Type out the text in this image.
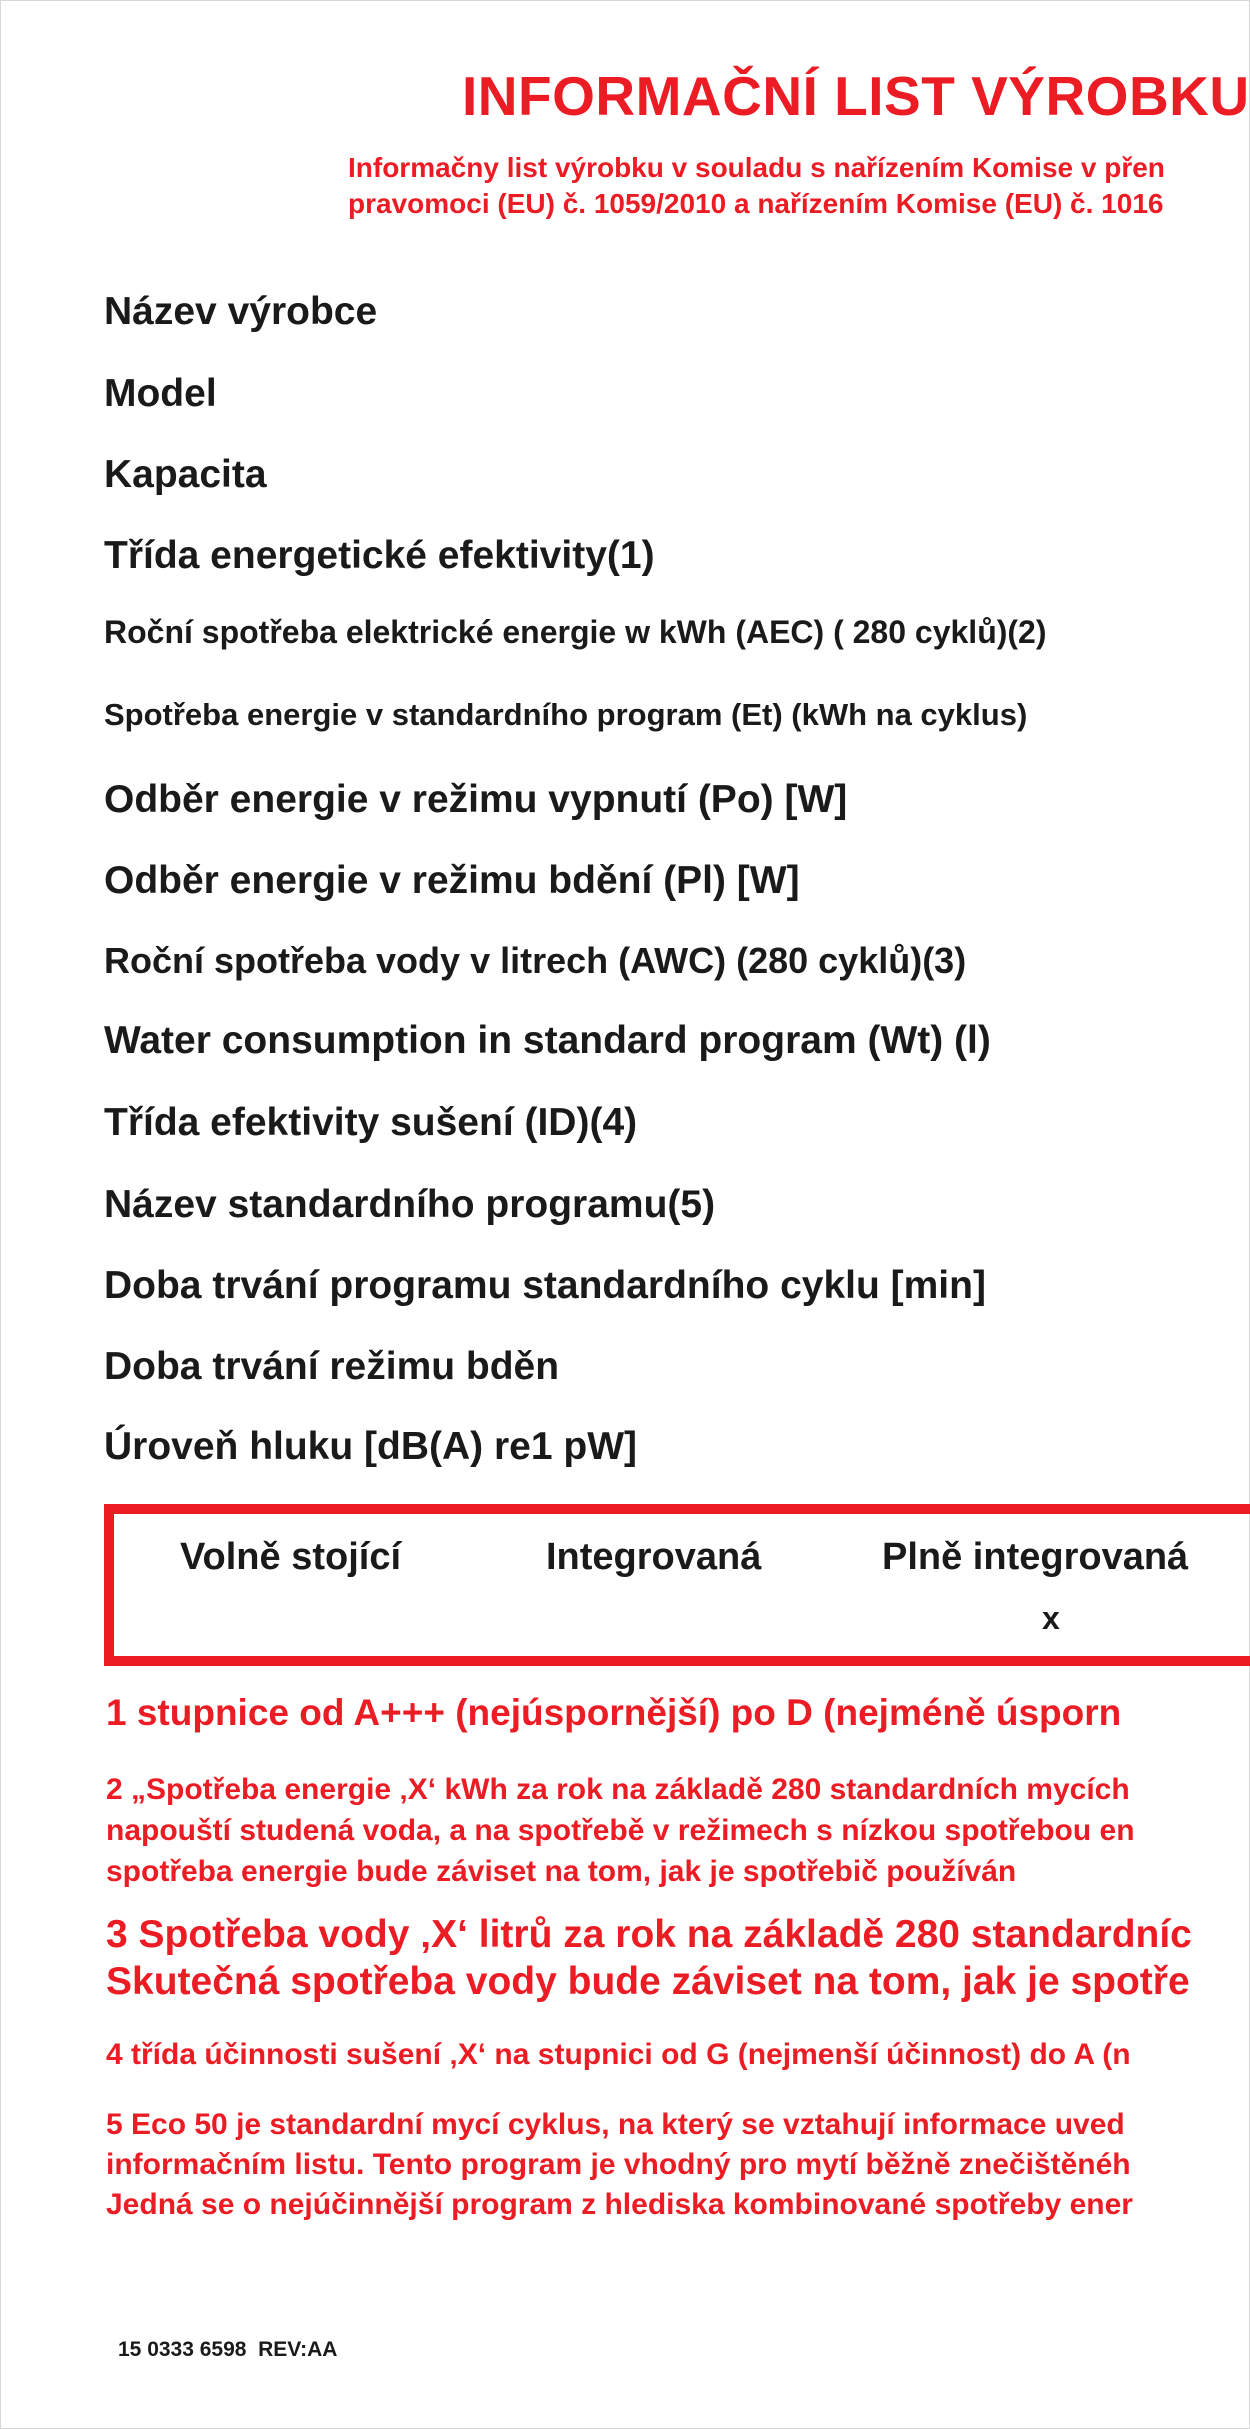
INFORMAČNÍ LIST VÝROBKU

Informačny list výrobku v souladu s nařízením Komise v přen

pravomoci (EU) č. 1059/2010 a nařízením Komise (EU) č. 1016

Název výrobce

Model

Kapacita

Třída energetické efektivity(1)

Roční spotřeba elektrické energie w kWh (AEC) ( 280 cyklů)(2)

Spotřeba energie v standardního program (Et) (kWh na cyklus)

Odběr energie v režimu vypnutí (Po) [W]

Odběr energie v režimu bdění (Pl) [W]

Roční spotřeba vody v litrech (AWC) (280 cyklů)(3)

Water consumption in standard program (Wt) (l)

Třída efektivity sušení (ID)(4)

Název standardního programu(5)

Doba trvání programu standardního cyklu [min]

Doba trvání režimu bděn

Úroveň hluku [dB(A) re1 pW]

Volně stojící	Integrovaná	Plně integrovaná

x

1 stupnice od A+++ (nejúspornější) po D (nejméně úsporn

2 „Spotřeba energie ‚X‘ kWh za rok na základě 280 standardních mycích

napouští studená voda, a na spotřebě v režimech s nízkou spotřebou en

spotřeba energie bude záviset na tom, jak je spotřebič používán

3 Spotřeba vody ‚X‘ litrů za rok na základě 280 standardníc

Skutečná spotřeba vody bude záviset na tom, jak je spotře

4 třída účinnosti sušení ‚X‘ na stupnici od G (nejmenší účinnost) do A (n

5 Eco 50 je standardní mycí cyklus, na který se vztahují informace uved

informačním listu. Tento program je vhodný pro mytí běžně znečištěnéh

Jedná se o nejúčinnější program z hlediska kombinované spotřeby ener

15 0333 6598  REV:AA
